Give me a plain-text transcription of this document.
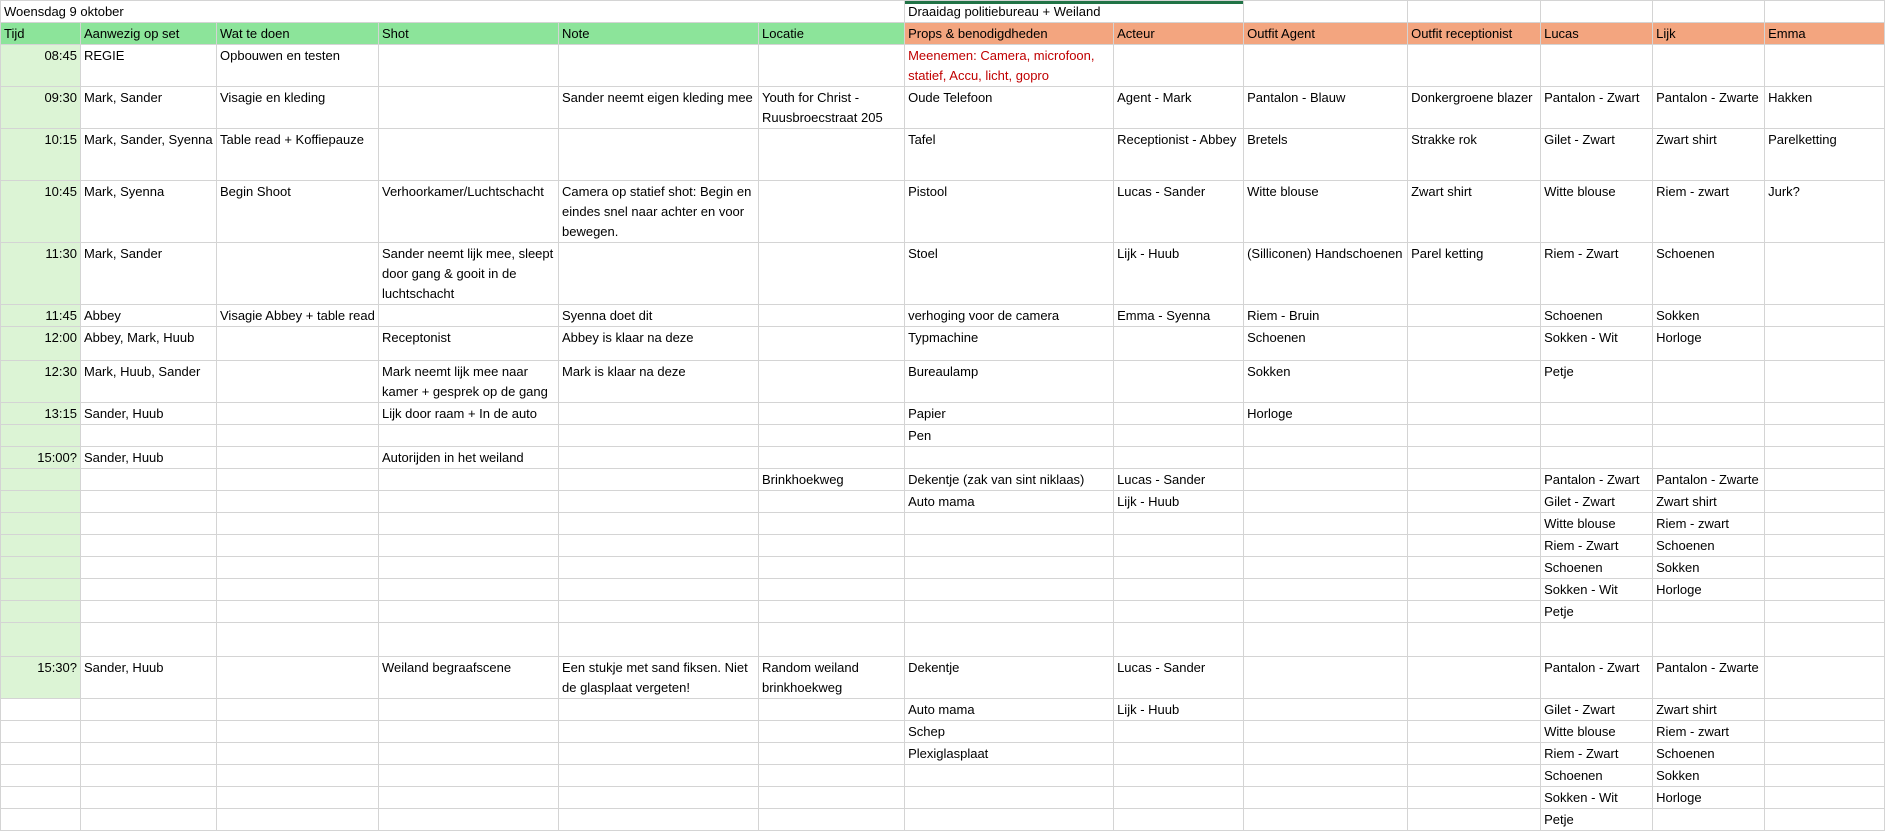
Woensdag 9 oktober						Draaidag politiebureau + Weiland						
Tijd	Aanwezig op set	Wat te doen	Shot	Note	Locatie	Props & benodigdheden	Acteur	Outfit Agent	Outfit receptionist	Lucas	Lijk	Emma
08:45	REGIE	Opbouwen en testen				Meenemen: Camera, microfoon, statief, Accu, licht, gopro						
09:30	Mark, Sander	Visagie en kleding		Sander neemt eigen kleding mee	Youth for Christ - Ruusbroecstraat 205	Oude Telefoon	Agent - Mark	Pantalon - Blauw	Donkergroene blazer	Pantalon - Zwart	Pantalon - Zwarte	Hakken
10:15	Mark, Sander, Syenna	Table read + Koffiepauze				Tafel	Receptionist - Abbey	Bretels	Strakke rok	Gilet - Zwart	Zwart shirt	Parelketting
10:45	Mark, Syenna	Begin Shoot	Verhoorkamer/Luchtschacht	Camera op statief shot: Begin en eindes snel naar achter en voor bewegen.		Pistool	Lucas - Sander	Witte blouse	Zwart shirt	Witte blouse	Riem - zwart	Jurk?
11:30	Mark, Sander		Sander neemt lijk mee, sleept door gang & gooit in de luchtschacht			Stoel	Lijk - Huub	(Silliconen) Handschoenen	Parel ketting	Riem - Zwart	Schoenen	
11:45	Abbey	Visagie Abbey + table read		Syenna doet dit		verhoging voor de camera	Emma - Syenna	Riem - Bruin		Schoenen	Sokken	
12:00	Abbey, Mark, Huub		Receptonist	Abbey is klaar na deze		Typmachine		Schoenen		Sokken - Wit	Horloge	
12:30	Mark, Huub, Sander		Mark neemt lijk mee naar kamer + gesprek op de gang	Mark is klaar na deze		Bureaulamp		Sokken		Petje		
13:15	Sander, Huub		Lijk door raam + In de auto			Papier		Horloge				
						Pen						
15:00?	Sander, Huub		Autorijden in het weiland									
					Brinkhoekweg	Dekentje (zak van sint niklaas)	Lucas - Sander			Pantalon - Zwart	Pantalon - Zwarte	
						Auto mama	Lijk - Huub			Gilet - Zwart	Zwart shirt	
										Witte blouse	Riem - zwart	
										Riem - Zwart	Schoenen	
										Schoenen	Sokken	
										Sokken - Wit	Horloge	
										Petje		

15:30?	Sander, Huub		Weiland begraafscene	Een stukje met sand fiksen. Niet de glasplaat vergeten!	Random weiland brinkhoekweg	Dekentje	Lucas - Sander			Pantalon - Zwart	Pantalon - Zwarte	
						Auto mama	Lijk - Huub			Gilet - Zwart	Zwart shirt	
						Schep				Witte blouse	Riem - zwart	
						Plexiglasplaat				Riem - Zwart	Schoenen	
										Schoenen	Sokken	
										Sokken - Wit	Horloge	
										Petje		
